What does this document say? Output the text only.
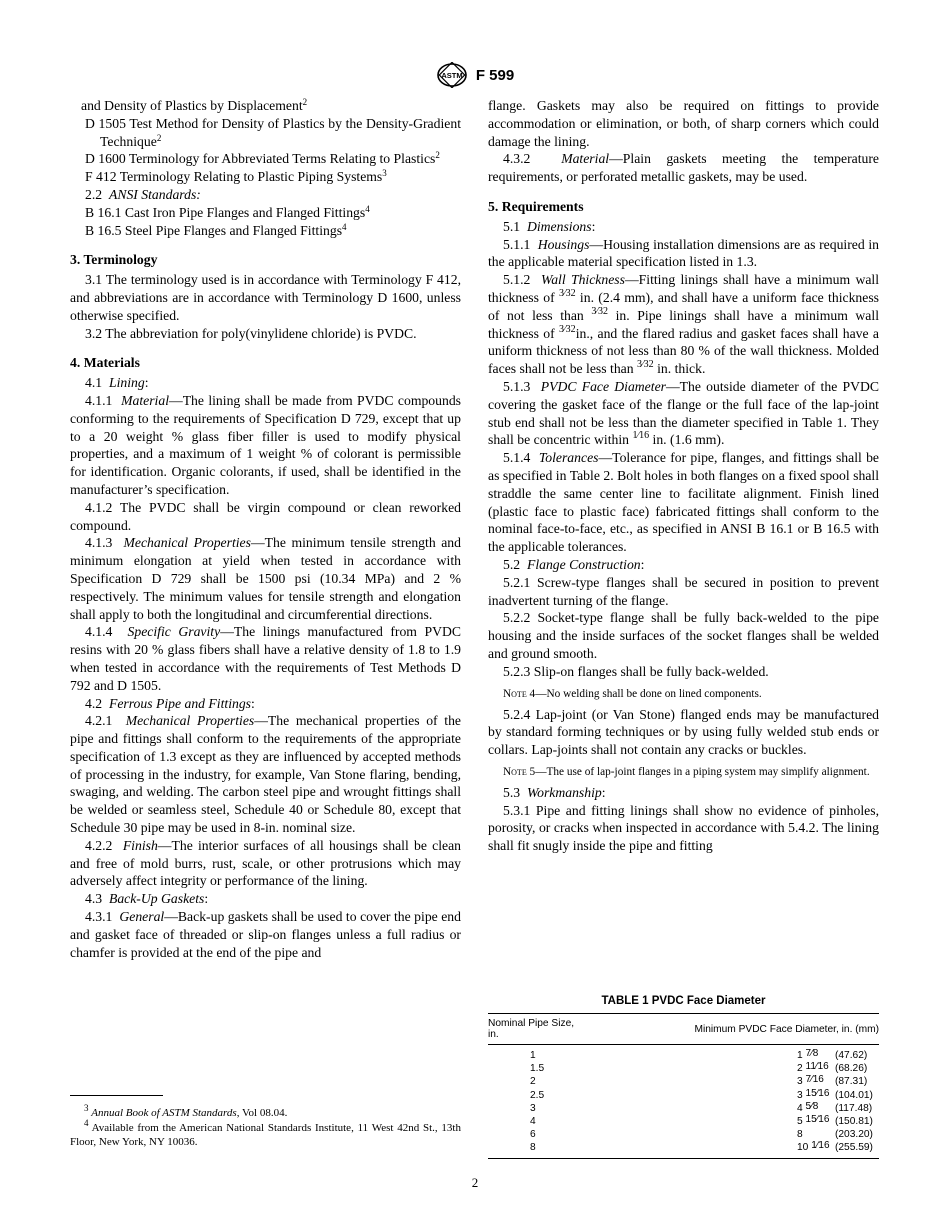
ASTM F 599

and Density of Plastics by Displacement$^2$

D 1505 Test Method for Density of Plastics by the Density-Gradient Technique$^2$

D 1600 Terminology for Abbreviated Terms Relating to Plastics$^2$

F 412 Terminology Relating to Plastic Piping Systems$^3$

2.2 ANSI Standards:

B 16.1 Cast Iron Pipe Flanges and Flanged Fittings$^4$

B 16.5 Steel Pipe Flanges and Flanged Fittings$^4$

3. Terminology

3.1 The terminology used is in accordance with Terminology F 412, and abbreviations are in accordance with Terminology D 1600, unless otherwise specified.

3.2 The abbreviation for poly(vinylidene chloride) is PVDC.

4. Materials

4.1 Lining:

4.1.1 Material—The lining shall be made from PVDC compounds conforming to the requirements of Specification D 729, except that up to a 20 weight % glass fiber filler is used to modify physical properties, and a maximum of 1 weight % of colorant is permissible for identification. Organic colorants, if used, shall be identified in the manufacturer’s specification.

4.1.2 The PVDC shall be virgin compound or clean reworked compound.

4.1.3 Mechanical Properties—The minimum tensile strength and minimum elongation at yield when tested in accordance with Specification D 729 shall be 1500 psi (10.34 MPa) and 2 % respectively. The minimum values for tensile strength and elongation shall apply to both the longitudinal and circumferential directions.

4.1.4 Specific Gravity—The linings manufactured from PVDC resins with 20 % glass fibers shall have a relative density of 1.8 to 1.9 when tested in accordance with the requirements of Test Methods D 792 and D 1505.

4.2 Ferrous Pipe and Fittings:

4.2.1 Mechanical Properties—The mechanical properties of the pipe and fittings shall conform to the requirements of the appropriate specification of 1.3 except as they are influenced by accepted methods of processing in the industry, for example, Van Stone flaring, bending, swaging, and welding. The carbon steel pipe and wrought fittings shall be welded or seamless steel, Schedule 40 or Schedule 80, except that Schedule 30 pipe may be used in 8-in. nominal size.

4.2.2 Finish—The interior surfaces of all housings shall be clean and free of mold burrs, rust, scale, or other protrusions which may adversely affect integrity or performance of the lining.

4.3 Back-Up Gaskets:

4.3.1 General—Back-up gaskets shall be used to cover the pipe end and gasket face of threaded or slip-on flanges unless a full radius or chamfer is provided at the end of the pipe and

$^3$ Annual Book of ASTM Standards, Vol 08.04.

$^4$ Available from the American National Standards Institute, 11 West 42nd St., 13th Floor, New York, NY 10036.

flange. Gaskets may also be required on fittings to provide accommodation or elimination, or both, of sharp corners which could damage the lining.

4.3.2 Material—Plain gaskets meeting the temperature requirements, or perforated metallic gaskets, may be used.

5. Requirements

5.1 Dimensions:

5.1.1 Housings—Housing installation dimensions are as required in the applicable material specification listed in 1.3.

5.1.2 Wall Thickness—Fitting linings shall have a minimum wall thickness of $^{3⁄32}$ in. (2.4 mm), and shall have a uniform face thickness of not less than $^{3⁄32}$ in. Pipe linings shall have a minimum wall thickness of $^{3⁄32}$in., and the flared radius and gasket faces shall have a uniform thickness of not less than 80 % of the wall thickness. Molded faces shall not be less than $^{3⁄32}$ in. thick.

5.1.3 PVDC Face Diameter—The outside diameter of the PVDC covering the gasket face of the flange or the full face of the lap-joint stub end shall not be less than the diameter specified in Table 1. They shall be concentric within $^{1⁄16}$ in. (1.6 mm).

5.1.4 Tolerances—Tolerance for pipe, flanges, and fittings shall be as specified in Table 2. Bolt holes in both flanges on a fixed spool shall straddle the same center line to facilitate alignment. Finish lined (plastic face to plastic face) fabricated fittings shall conform to the nominal face-to-face, etc., as specified in ANSI B 16.1 or B 16.5 with the applicable tolerances.

5.2 Flange Construction:

5.2.1 Screw-type flanges shall be secured in position to prevent inadvertent turning of the flange.

5.2.2 Socket-type flange shall be fully back-welded to the pipe housing and the inside surfaces of the socket flanges shall be welded and ground smooth.

5.2.3 Slip-on flanges shall be fully back-welded.

Note 4—No welding shall be done on lined components.

5.2.4 Lap-joint (or Van Stone) flanged ends may be manufactured by standard forming techniques or by using fully welded stub ends or collars. Lap-joints shall not contain any cracks or buckles.

Note 5—The use of lap-joint flanges in a piping system may simplify alignment.

5.3 Workmanship:

5.3.1 Pipe and fitting linings shall show no evidence of pinholes, porosity, or cracks when inspected in accordance with 5.4.2. The lining shall fit snugly inside the pipe and fitting

TABLE 1 PVDC Face Diameter
Nominal Pipe Size, in.	Minimum PVDC Face Diameter, in. (mm)
1	1 7⁄8 (47.62)
1.5	2 11⁄16 (68.26)
2	3 7⁄16 (87.31)
2.5	3 15⁄16 (104.01)
3	4 5⁄8 (117.48)
4	5 15⁄16 (150.81)
6	8 (203.20)
8	10 1⁄16 (255.59)
2
